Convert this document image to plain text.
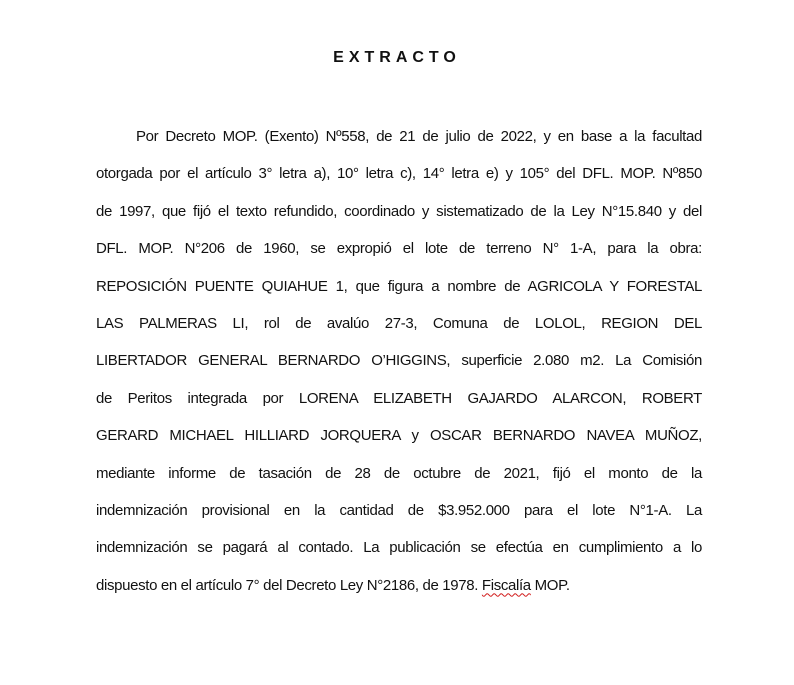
EXTRACTO
Por Decreto MOP. (Exento) Nº558, de 21 de julio de 2022, y en base a la facultad
otorgada por el artículo 3° letra a), 10° letra c), 14° letra e) y 105° del DFL. MOP. Nº850
de 1997, que fijó el texto refundido, coordinado y sistematizado de la Ley N°15.840 y del
DFL. MOP. N°206 de 1960, se expropió el lote de terreno N° 1-A, para la obra:
REPOSICIÓN PUENTE QUIAHUE 1, que figura a nombre de AGRICOLA Y FORESTAL
LAS PALMERAS LI, rol de avalúo 27-3, Comuna de LOLOL, REGION DEL
LIBERTADOR GENERAL BERNARDO O’HIGGINS, superficie 2.080 m2. La Comisión
de Peritos integrada por LORENA ELIZABETH GAJARDO ALARCON, ROBERT
GERARD MICHAEL HILLIARD JORQUERA y OSCAR BERNARDO NAVEA MUÑOZ,
mediante informe de tasación de 28 de octubre de 2021, fijó el monto de la
indemnización provisional en la cantidad de $3.952.000 para el lote N°1-A. La
indemnización se pagará al contado. La publicación se efectúa en cumplimiento a lo
dispuesto en el artículo 7° del Decreto Ley N°2186, de 1978. Fiscalía MOP.
